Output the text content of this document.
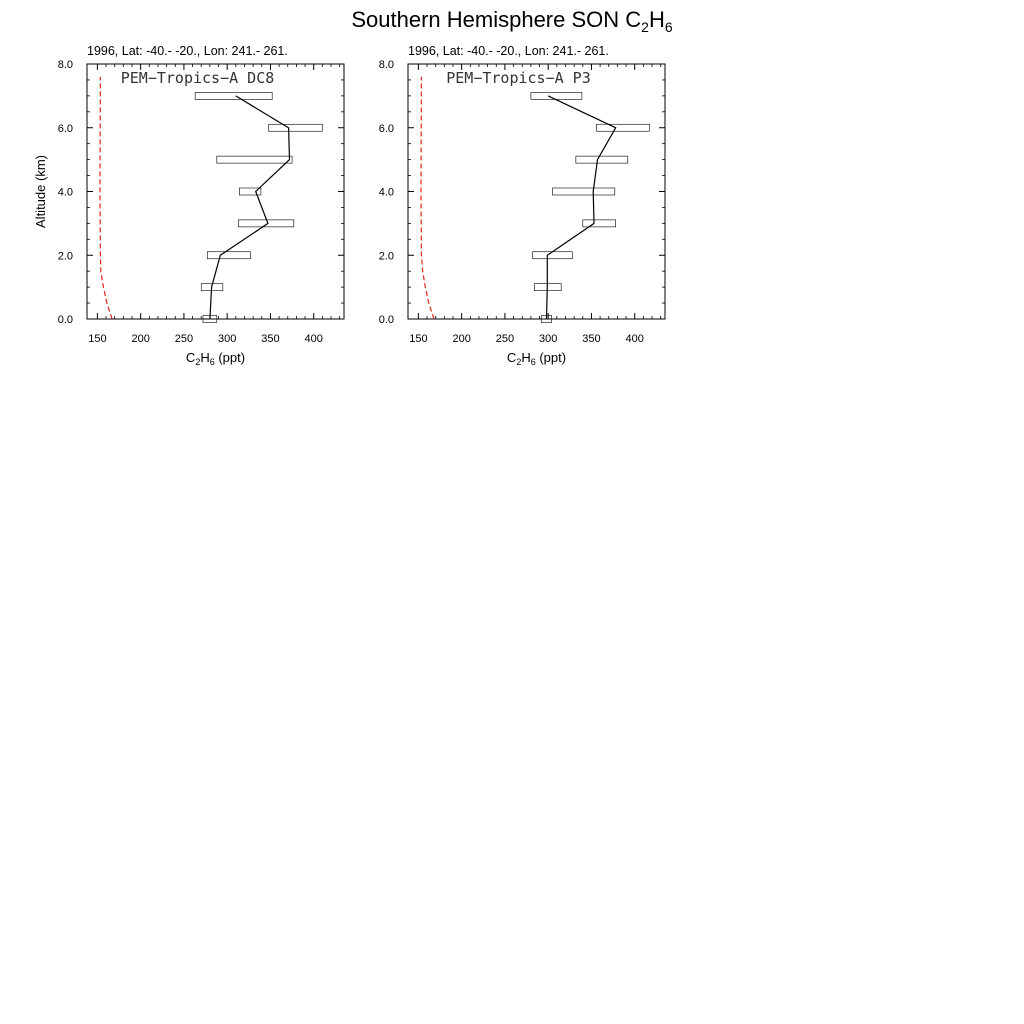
Southern Hemisphere SON $C_2H_6$
1996, Lat: -40.- -20., Lon: 241.- 261.
150 200 250 300 350 400
0.0
2.0
4.0
6.0
8.0
PEM−Tropics−A DC8
$C_2H_6$ (ppt)
Altitude (km)
1996, Lat: -40.- -20., Lon: 241.- 261.
150 200 250 300 350 400
0.0
2.0
4.0
6.0
8.0
PEM−Tropics−A P3
$C_2H_6$ (ppt)
